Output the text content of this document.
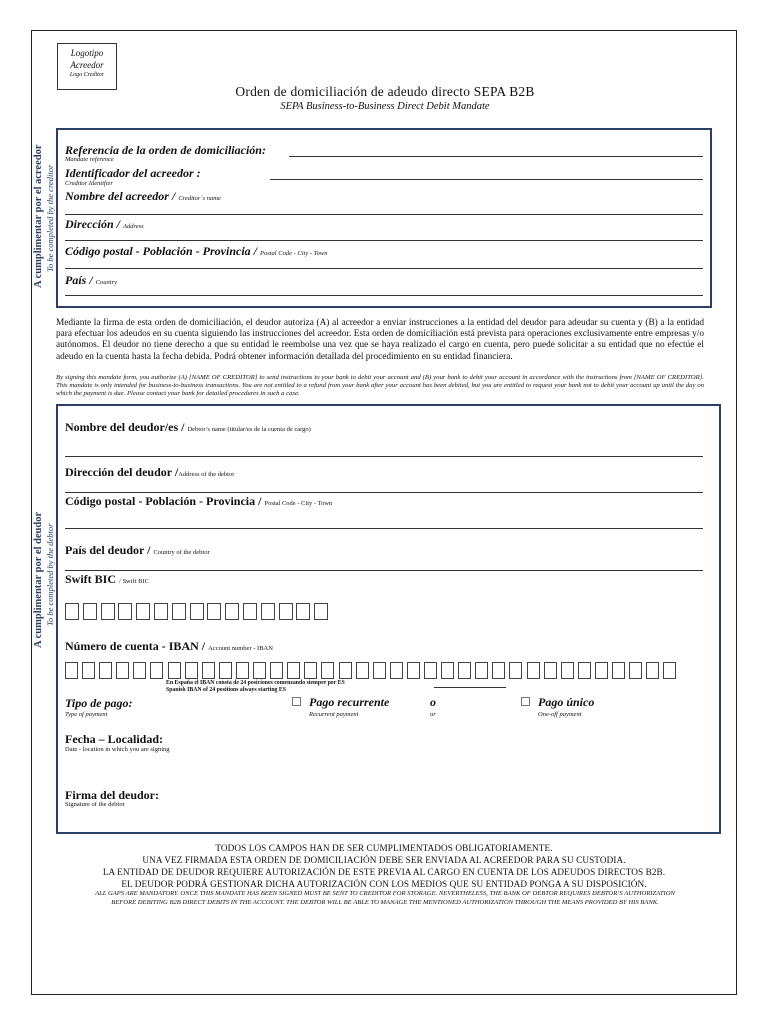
Logotipo
Acreedor
Logo Creditor
Orden de domiciliación de adeudo directo SEPA B2B
SEPA Business-to-Business Direct Debit Mandate
A cumplimentar por el acreedor To be completed by the creditor
Referencia de la orden de domiciliación:
Mandate reference
Identificador del acreedor :
Creditor Identifier
Nombre del acreedor / Creditor´s name
Dirección / Address
Código postal - Población - Provincia / Postal Code - City - Town
País / Country
Mediante la firma de esta orden de domiciliación, el deudor autoriza (A) al acreedor a enviar instrucciones a la entidad del deudor para adeudar su cuenta y (B) a la entidad para efectuar los adeudos en su cuenta siguiendo las instrucciones del acreedor. Esta orden de domiciliación está prevista para operaciones exclusivamente entre empresas y/o autónomos. El deudor no tiene derecho a que su entidad le reembolse una vez que se haya realizado el cargo en cuenta, pero puede solicitar a su entidad que no efectúe el adeudo en la cuenta hasta la fecha debida. Podrá obtener información detallada del procedimiento en su entidad financiera.
By signing this mandate form, you authorize (A) [NAME OF CREDITOR] to send instructions to your bank to debit your account and (B) your bank to debit your account in accordance with the instructions from [NAME OF CREDITOR]. This mandate is only intended for business-to-business transactions. You are not entitled to a refund from your bank after your account has been debited, but you are entitled to request your bank not to debit your account up until the day on which the payment is due. Please contact your bank for detailed procedures in such a case.
A cumplimentar por el deudor To be completed by the debtor
Nombre del deudor/es / Debtor’s name (titular/es de la cuenta de cargo)
Dirección del deudor /Address of the debtor
Código postal - Población - Provincia / Postal Code - City - Town
País del deudor / Country of the debtor
Swift BIC / Swift BIC
Número de cuenta - IBAN / Account number - IBAN
En España el IBAN consta de 24 posiciones comenzando siempre por ES
Spanish IBAN of 24 positions always starting ES
Tipo de pago:
Type of payment
Pago recurrente
Recurrent payment
o
or
Pago único
One-off payment
Fecha – Localidad:
Date - location in which you are signing
Firma del deudor:
Signature of the debtor
TODOS LOS CAMPOS HAN DE SER CUMPLIMENTADOS OBLIGATORIAMENTE.
UNA VEZ FIRMADA ESTA ORDEN DE DOMICILIACIÓN DEBE SER ENVIADA AL ACREEDOR PARA SU CUSTODIA.
LA ENTIDAD DE DEUDOR REQUIERE AUTORIZACIÓN DE ESTE PREVIA AL CARGO EN CUENTA DE LOS ADEUDOS DIRECTOS B2B.
EL DEUDOR PODRÁ GESTIONAR DICHA AUTORIZACIÓN CON LOS MEDIOS QUE SU ENTIDAD PONGA A SU DISPOSICIÓN.
ALL GAPS ARE MANDATORY. ONCE THIS MANDATE HAS BEEN SIGNED MUST BE SENT TO CREDITOR FOR STORAGE. NEVERTHELESS, THE BANK OF DEBTOR REQUIRES DEBTOR’S AUTHORIZATION BEFORE DEBITING B2B DIRECT DEBITS IN THE ACCOUNT. THE DEBTOR WILL BE ABLE TO MANAGE THE MENTIONED AUTHORIZATION THROUGH THE MEANS PROVIDED BY HIS BANK.
